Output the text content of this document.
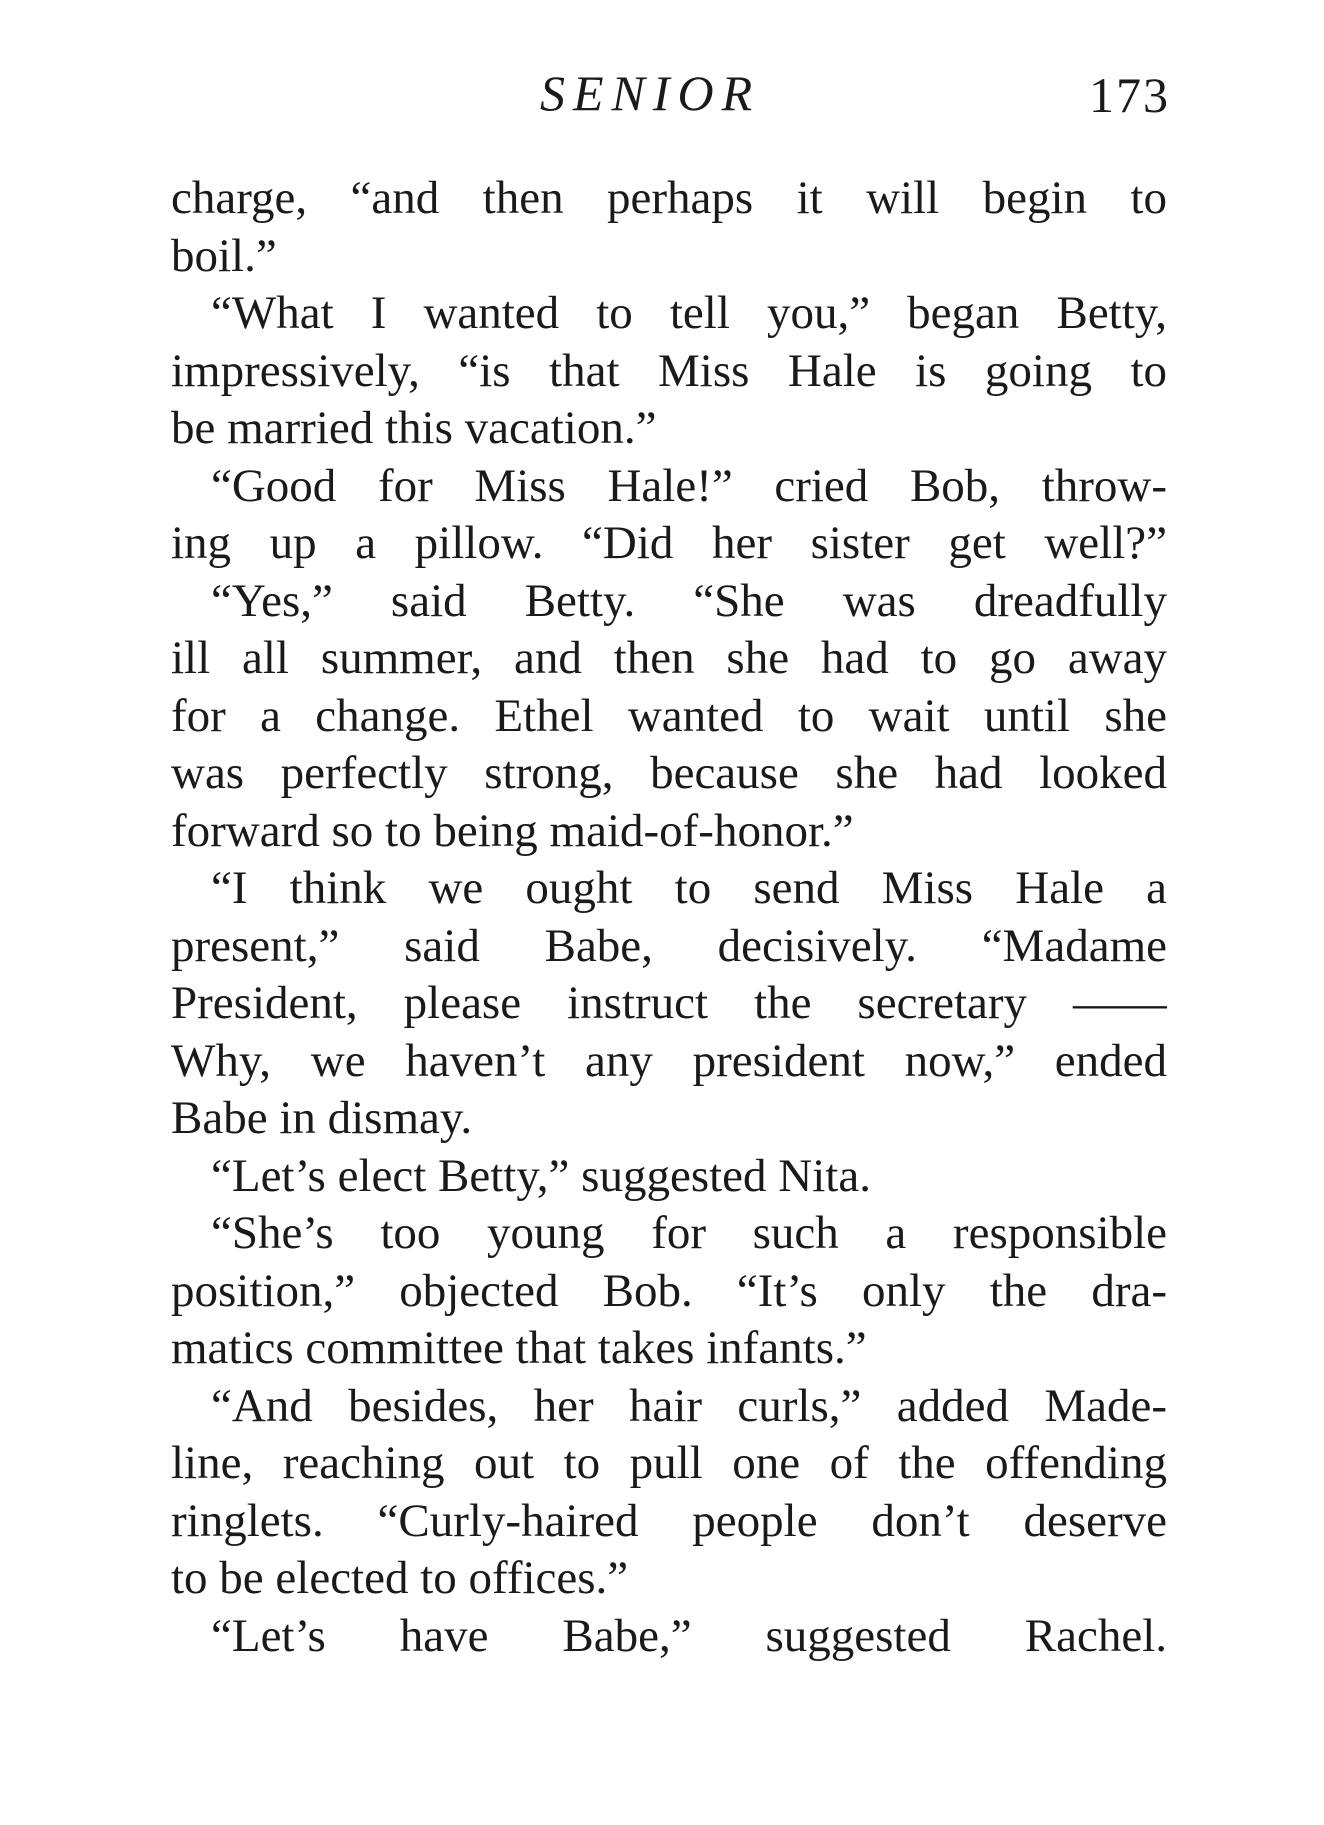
SENIOR	173
charge, “and then perhaps it will begin to
boil.”
“What I wanted to tell you,” began Betty,
impressively, “is that Miss Hale is going to
be married this vacation.”
“Good for Miss Hale!” cried Bob, throw-
ing up a pillow. “Did her sister get well?”
“Yes,” said Betty. “She was dreadfully
ill all summer, and then she had to go away
for a change. Ethel wanted to wait until she
was perfectly strong, because she had looked
forward so to being maid-of-honor.”
“I think we ought to send Miss Hale a
present,” said Babe, decisively. “Madame
President, please instruct the secretary ——
Why, we haven’t any president now,” ended
Babe in dismay.
“Let’s elect Betty,” suggested Nita.
“She’s too young for such a responsible
position,” objected Bob. “It’s only the dra-
matics committee that takes infants.”
“And besides, her hair curls,” added Made-
line, reaching out to pull one of the offending
ringlets. “Curly-haired people don’t deserve
to be elected to offices.”
“Let’s have Babe,” suggested Rachel.
